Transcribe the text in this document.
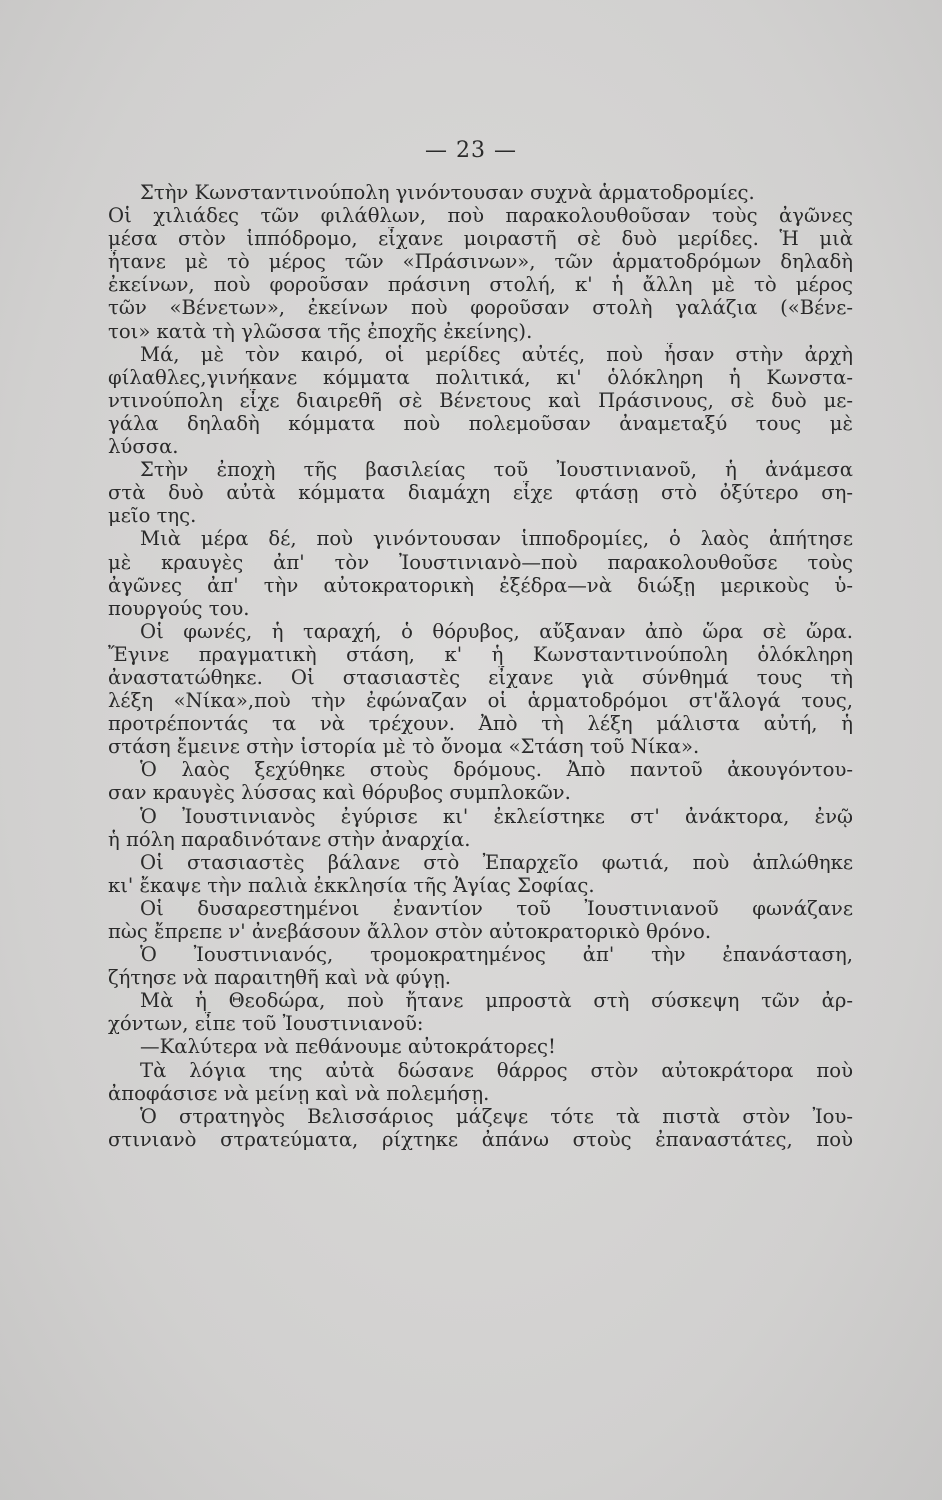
— 23 —
Στὴν Κωνσταντινούπολη γινόντουσαν συχνὰ ἁρματοδρομίες.
Οἱ χιλιάδες τῶν φιλάθλων, ποὺ παρακολουθοῦσαν τοὺς ἀγῶνες
μέσα στὸν ἱππόδρομο, εἶχανε μοιραστῆ σὲ δυὸ μερίδες. Ἡ μιὰ
ἦτανε μὲ τὸ μέρος τῶν «Πράσινων», τῶν ἁρματοδρόμων δηλαδὴ
ἐκείνων, ποὺ φοροῦσαν πράσινη στολή, κ' ἡ ἄλλη μὲ τὸ μέρος
τῶν «Βένετων», ἐκείνων ποὺ φοροῦσαν στολὴ γαλάζια («Βένε-
τοι» κατὰ τὴ γλῶσσα τῆς ἐποχῆς ἐκείνης).
Μά, μὲ τὸν καιρό, οἱ μερίδες αὐτές, ποὺ ἦσαν στὴν ἀρχὴ
φίλαθλες,γινήκανε κόμματα πολιτικά, κι' ὁλόκληρη ἡ Κωνστα-
ντινούπολη εἶχε διαιρεθῆ σὲ Βένετους καὶ Πράσινους, σὲ δυὸ με-
γάλα δηλαδὴ κόμματα ποὺ πολεμοῦσαν ἀναμεταξύ τους μὲ
λύσσα.
Στὴν ἐποχὴ τῆς βασιλείας τοῦ Ἰουστινιανοῦ, ἡ ἀνάμεσα
στὰ δυὸ αὐτὰ κόμματα διαμάχη εἶχε φτάσῃ στὸ ὀξύτερο ση-
μεῖο της.
Μιὰ μέρα δέ, ποὺ γινόντουσαν ἱπποδρομίες, ὁ λαὸς ἀπήτησε
μὲ κραυγὲς ἀπ' τὸν Ἰουστινιανὸ—ποὺ παρακολουθοῦσε τοὺς
ἀγῶνες ἀπ' τὴν αὐτοκρατορικὴ ἐξέδρα—νὰ διώξῃ μερικοὺς ὑ-
πουργούς του.
Οἱ φωνές, ἡ ταραχή, ὁ θόρυβος, αὔξαναν ἀπὸ ὥρα σὲ ὥρα.
Ἔγινε πραγματικὴ στάση, κ' ἡ Κωνσταντινούπολη ὁλόκληρη
ἀναστατώθηκε. Οἱ στασιαστὲς εἶχανε γιὰ σύνθημά τους τὴ
λέξη «Νίκα»,ποὺ τὴν ἐφώναζαν οἱ ἁρματοδρόμοι στ'ἄλογά τους,
προτρέποντάς τα νὰ τρέχουν. Ἀπὸ τὴ λέξη μάλιστα αὐτή, ἡ
στάση ἔμεινε στὴν ἱστορία μὲ τὸ ὄνομα «Στάση τοῦ Νίκα».
Ὁ λαὸς ξεχύθηκε στοὺς δρόμους. Ἀπὸ παντοῦ ἀκουγόντου-
σαν κραυγὲς λύσσας καὶ θόρυβος συμπλοκῶν.
Ὁ Ἰουστινιανὸς ἐγύρισε κι' ἐκλείστηκε στ' ἀνάκτορα, ἐνῷ
ἡ πόλη παραδινότανε στὴν ἀναρχία.
Οἱ στασιαστὲς βάλανε στὸ Ἐπαρχεῖο φωτιά, ποὺ ἁπλώθηκε
κι' ἔκαψε τὴν παλιὰ ἐκκλησία τῆς Ἁγίας Σοφίας.
Οἱ δυσαρεστημένοι ἐναντίον τοῦ Ἰουστινιανοῦ φωνάζανε
πὼς ἔπρεπε ν' ἀνεβάσουν ἄλλον στὸν αὐτοκρατορικὸ θρόνο.
Ὁ Ἰουστινιανός, τρομοκρατημένος ἀπ' τὴν ἐπανάσταση,
ζήτησε νὰ παραιτηθῆ καὶ νὰ φύγῃ.
Μὰ ἡ Θεοδώρα, ποὺ ἤτανε μπροστὰ στὴ σύσκεψη τῶν ἀρ-
χόντων, εἶπε τοῦ Ἰουστινιανοῦ:
—Καλύτερα νὰ πεθάνουμε αὐτοκράτορες!
Τὰ λόγια της αὐτὰ δώσανε θάρρος στὸν αὐτοκράτορα ποὺ
ἀποφάσισε νὰ μείνῃ καὶ νὰ πολεμήσῃ.
Ὁ στρατηγὸς Βελισσάριος μάζεψε τότε τὰ πιστὰ στὸν Ἰου-
στινιανὸ στρατεύματα, ρίχτηκε ἀπάνω στοὺς ἐπαναστάτες, ποὺ
